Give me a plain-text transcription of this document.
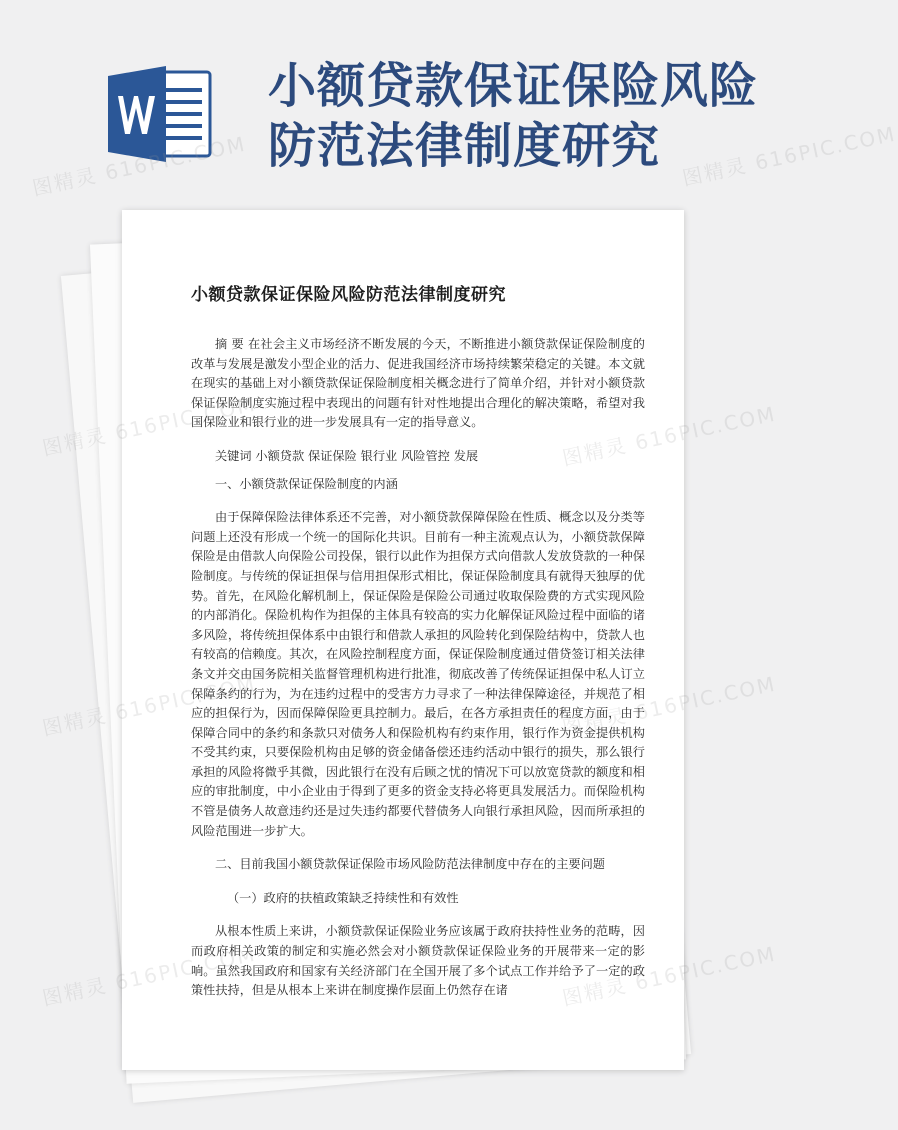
小额贷款保证保险风险
防范法律制度研究
小额贷款保证保险风险防范法律制度研究

摘 要 在社会主义市场经济不断发展的今天，不断推进小额贷款保证保险制度的改革与发展是激发小型企业的活力、促进我国经济市场持续繁荣稳定的关键。本文就在现实的基础上对小额贷款保证保险制度相关概念进行了简单介绍，并针对小额贷款保证保险制度实施过程中表现出的问题有针对性地提出合理化的解决策略，希望对我国保险业和银行业的进一步发展具有一定的指导意义。

关键词 小额贷款 保证保险 银行业 风险管控 发展

一、小额贷款保证保险制度的内涵

由于保障保险法律体系还不完善，对小额贷款保障保险在性质、概念以及分类等问题上还没有形成一个统一的国际化共识。目前有一种主流观点认为，小额贷款保障保险是由借款人向保险公司投保，银行以此作为担保方式向借款人发放贷款的一种保险制度。与传统的保证担保与信用担保形式相比，保证保险制度具有就得天独厚的优势。首先，在风险化解机制上，保证保险是保险公司通过收取保险费的方式实现风险的内部消化。保险机构作为担保的主体具有较高的实力化解保证风险过程中面临的诸多风险，将传统担保体系中由银行和借款人承担的风险转化到保险结构中，贷款人也有较高的信赖度。其次，在风险控制程度方面，保证保险制度通过借贷签订相关法律条文并交由国务院相关监督管理机构进行批准，彻底改善了传统保证担保中私人订立保障条约的行为，为在违约过程中的受害方力寻求了一种法律保障途径，并规范了相应的担保行为，因而保障保险更具控制力。最后，在各方承担责任的程度方面，由于保障合同中的条约和条款只对债务人和保险机构有约束作用，银行作为资金提供机构不受其约束，只要保险机构由足够的资金储备偿还违约活动中银行的损失，那么银行承担的风险将微乎其微，因此银行在没有后顾之忧的情况下可以放宽贷款的额度和相应的审批制度，中小企业由于得到了更多的资金支持必将更具发展活力。而保险机构不管是债务人故意违约还是过失违约都要代替债务人向银行承担风险，因而所承担的风险范围进一步扩大。

二、目前我国小额贷款保证保险市场风险防范法律制度中存在的主要问题

（一）政府的扶植政策缺乏持续性和有效性

从根本性质上来讲，小额贷款保证保险业务应该属于政府扶持性业务的范畴，因而政府相关政策的制定和实施必然会对小额贷款保证保险业务的开展带来一定的影响。虽然我国政府和国家有关经济部门在全国开展了多个试点工作并给予了一定的政策性扶持，但是从根本上来讲在制度操作层面上仍然存在诸

图精灵 616PIC.COM	图精灵 616PIC.COM
616PIC.COM
图精灵	616PIC.COM
图精灵	616PIC.COM
